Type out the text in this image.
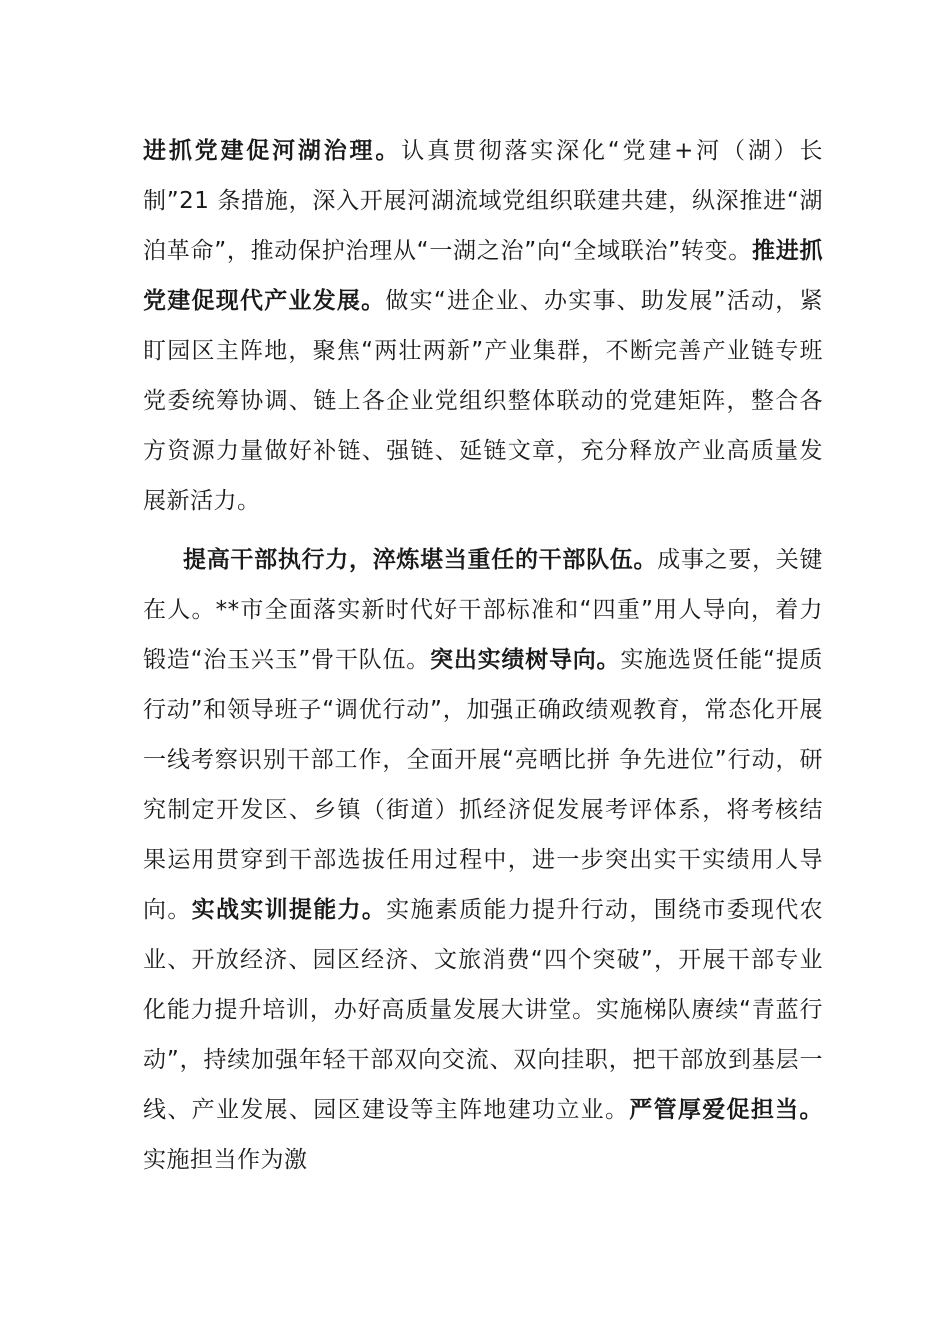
进抓党建促河湖治理。认真贯彻落实深化“党建+河（湖）长制”21 条措施，深入开展河湖流域党组织联建共建，纵深推进“湖泊革命”，推动保护治理从“一湖之治”向“全域联治”转变。推进抓党建促现代产业发展。做实“进企业、办实事、助发展”活动，紧盯园区主阵地，聚焦“两壮两新”产业集群，不断完善产业链专班党委统筹协调、链上各企业党组织整体联动的党建矩阵，整合各方资源力量做好补链、强链、延链文章，充分释放产业高质量发展新活力。

提高干部执行力，淬炼堪当重任的干部队伍。成事之要，关键在人。**市全面落实新时代好干部标准和“四重”用人导向，着力锻造“治玉兴玉”骨干队伍。突出实绩树导向。实施选贤任能“提质行动”和领导班子“调优行动”，加强正确政绩观教育，常态化开展一线考察识别干部工作，全面开展“亮晒比拼 争先进位”行动，研究制定开发区、乡镇（街道）抓经济促发展考评体系，将考核结果运用贯穿到干部选拔任用过程中，进一步突出实干实绩用人导向。实战实训提能力。实施素质能力提升行动，围绕市委现代农业、开放经济、园区经济、文旅消费“四个突破”，开展干部专业化能力提升培训，办好高质量发展大讲堂。实施梯队赓续“青蓝行动”，持续加强年轻干部双向交流、双向挂职，把干部放到基层一线、产业发展、园区建设等主阵地建功立业。严管厚爱促担当。实施担当作为激
